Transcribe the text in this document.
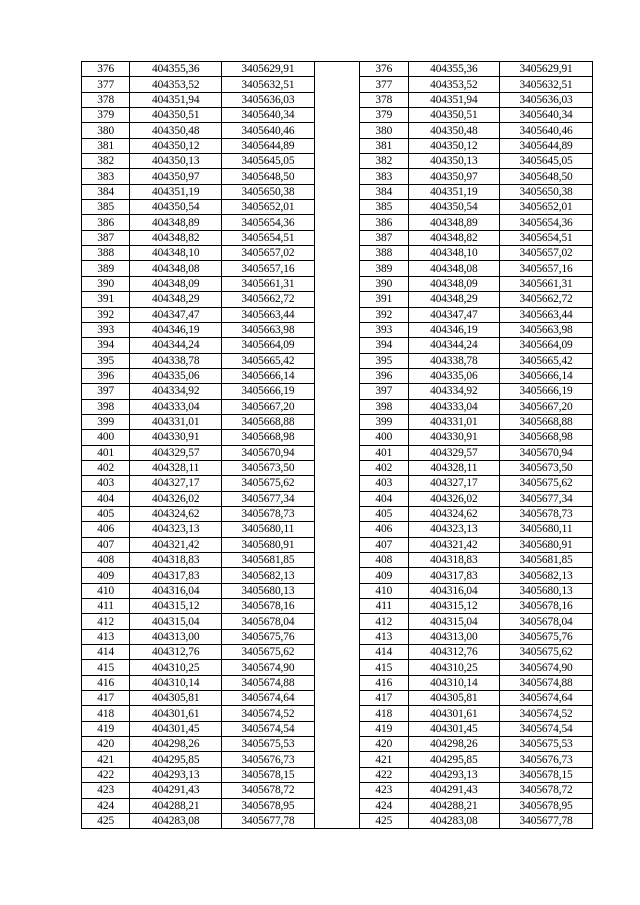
376	404355,36	3405629,91		376	404355,36	3405629,91
377	404353,52	3405632,51		377	404353,52	3405632,51
378	404351,94	3405636,03		378	404351,94	3405636,03
379	404350,51	3405640,34		379	404350,51	3405640,34
380	404350,48	3405640,46		380	404350,48	3405640,46
381	404350,12	3405644,89		381	404350,12	3405644,89
382	404350,13	3405645,05		382	404350,13	3405645,05
383	404350,97	3405648,50		383	404350,97	3405648,50
384	404351,19	3405650,38		384	404351,19	3405650,38
385	404350,54	3405652,01		385	404350,54	3405652,01
386	404348,89	3405654,36		386	404348,89	3405654,36
387	404348,82	3405654,51		387	404348,82	3405654,51
388	404348,10	3405657,02		388	404348,10	3405657,02
389	404348,08	3405657,16		389	404348,08	3405657,16
390	404348,09	3405661,31		390	404348,09	3405661,31
391	404348,29	3405662,72		391	404348,29	3405662,72
392	404347,47	3405663,44		392	404347,47	3405663,44
393	404346,19	3405663,98		393	404346,19	3405663,98
394	404344,24	3405664,09		394	404344,24	3405664,09
395	404338,78	3405665,42		395	404338,78	3405665,42
396	404335,06	3405666,14		396	404335,06	3405666,14
397	404334,92	3405666,19		397	404334,92	3405666,19
398	404333,04	3405667,20		398	404333,04	3405667,20
399	404331,01	3405668,88		399	404331,01	3405668,88
400	404330,91	3405668,98		400	404330,91	3405668,98
401	404329,57	3405670,94		401	404329,57	3405670,94
402	404328,11	3405673,50		402	404328,11	3405673,50
403	404327,17	3405675,62		403	404327,17	3405675,62
404	404326,02	3405677,34		404	404326,02	3405677,34
405	404324,62	3405678,73		405	404324,62	3405678,73
406	404323,13	3405680,11		406	404323,13	3405680,11
407	404321,42	3405680,91		407	404321,42	3405680,91
408	404318,83	3405681,85		408	404318,83	3405681,85
409	404317,83	3405682,13		409	404317,83	3405682,13
410	404316,04	3405680,13		410	404316,04	3405680,13
411	404315,12	3405678,16		411	404315,12	3405678,16
412	404315,04	3405678,04		412	404315,04	3405678,04
413	404313,00	3405675,76		413	404313,00	3405675,76
414	404312,76	3405675,62		414	404312,76	3405675,62
415	404310,25	3405674,90		415	404310,25	3405674,90
416	404310,14	3405674,88		416	404310,14	3405674,88
417	404305,81	3405674,64		417	404305,81	3405674,64
418	404301,61	3405674,52		418	404301,61	3405674,52
419	404301,45	3405674,54		419	404301,45	3405674,54
420	404298,26	3405675,53		420	404298,26	3405675,53
421	404295,85	3405676,73		421	404295,85	3405676,73
422	404293,13	3405678,15		422	404293,13	3405678,15
423	404291,43	3405678,72		423	404291,43	3405678,72
424	404288,21	3405678,95		424	404288,21	3405678,95
425	404283,08	3405677,78		425	404283,08	3405677,78
